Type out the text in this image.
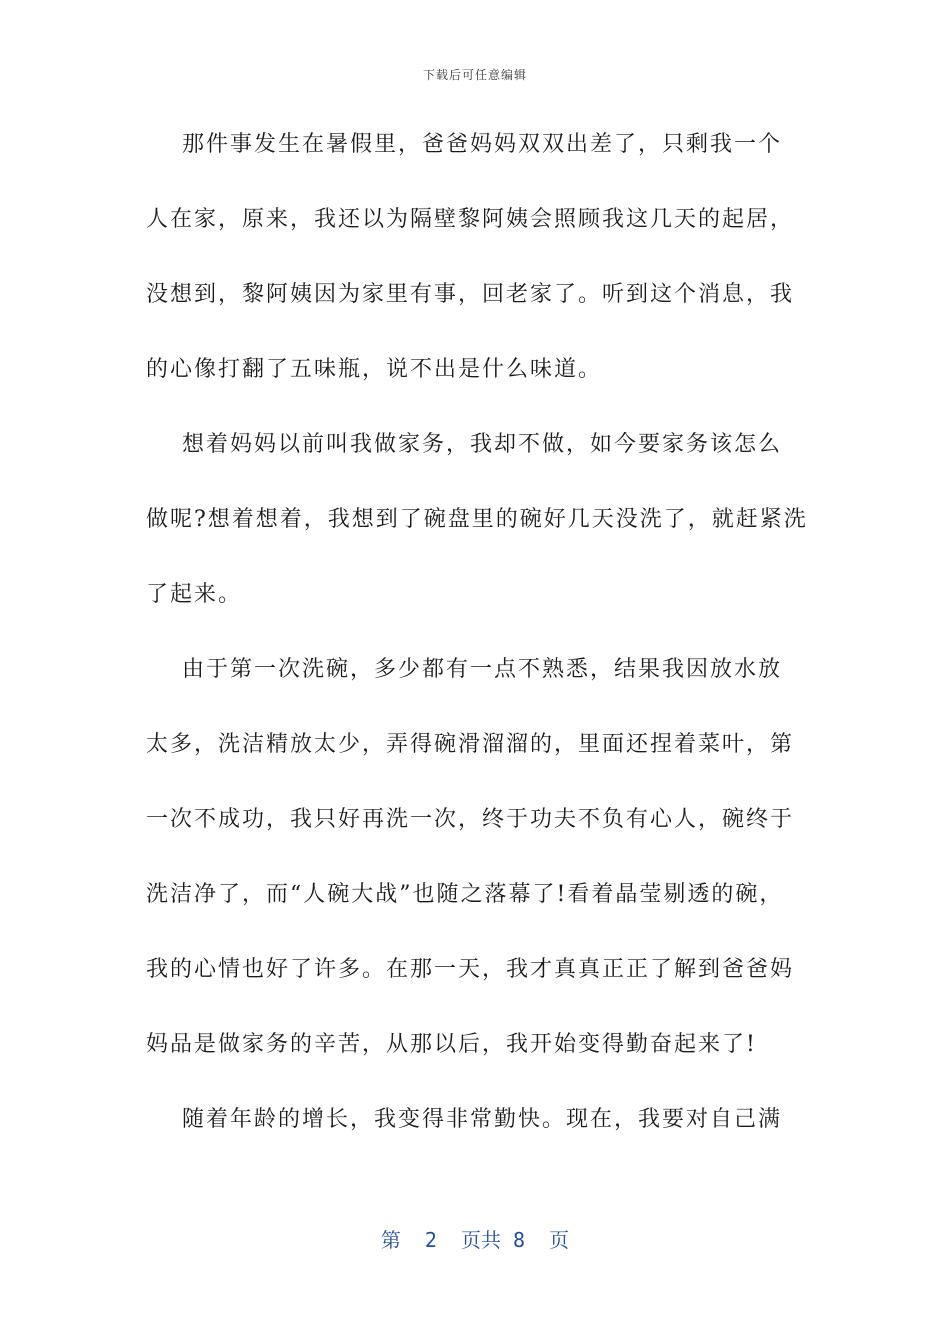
下载后可任意编辑
那件事发生在暑假里，爸爸妈妈双双出差了，只剩我一个
人在家，原来，我还以为隔壁黎阿姨会照顾我这几天的起居，
没想到，黎阿姨因为家里有事，回老家了。听到这个消息，我
的心像打翻了五味瓶，说不出是什么味道。
想着妈妈以前叫我做家务，我却不做，如今要家务该怎么
做呢?想着想着，我想到了碗盘里的碗好几天没洗了，就赶紧洗
了起来。
由于第一次洗碗，多少都有一点不熟悉，结果我因放水放
太多，洗洁精放太少，弄得碗滑溜溜的，里面还捏着菜叶，第
一次不成功，我只好再洗一次，终于功夫不负有心人，碗终于
洗洁净了，而“人碗大战”也随之落幕了!看着晶莹剔透的碗，
我的心情也好了许多。在那一天，我才真真正正了解到爸爸妈
妈品是做家务的辛苦，从那以后，我开始变得勤奋起来了!
随着年龄的增长，我变得非常勤快。现在，我要对自己满
第  2  页共 8  页
